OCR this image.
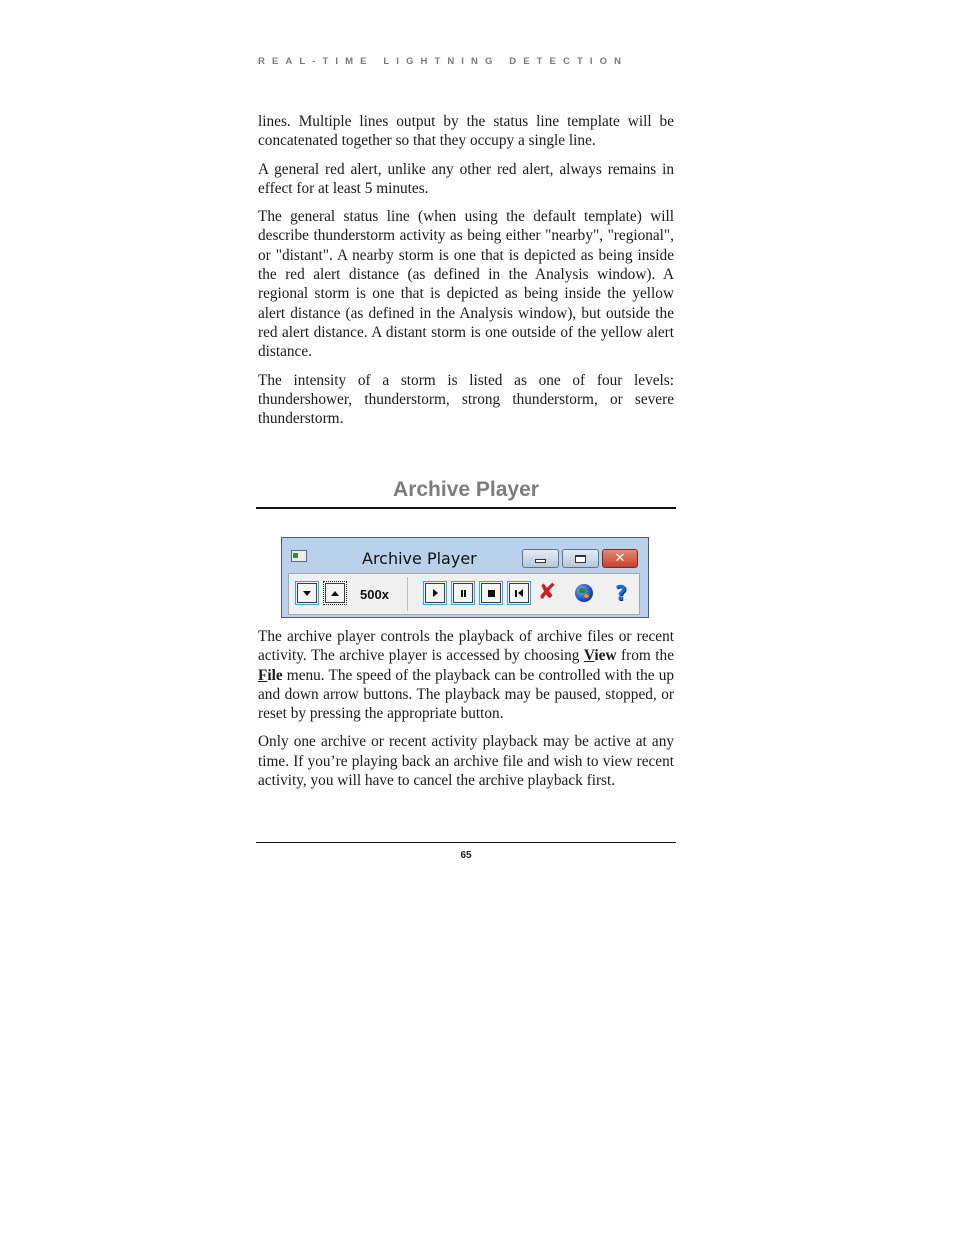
REAL-TIME LIGHTNING DETECTION

lines. Multiple lines output by the status line template will be concatenated together so that they occupy a single line.

A general red alert, unlike any other red alert, always remains in effect for at least 5 minutes.

The general status line (when using the default template) will describe thunderstorm activity as being either "nearby", "regional", or "distant". A nearby storm is one that is depicted as being inside the red alert distance (as defined in the Analysis window). A regional storm is one that is depicted as being inside the yellow alert distance (as defined in the Analysis window), but outside the red alert distance. A distant storm is one outside of the yellow alert distance.

The intensity of a storm is listed as one of four levels: thundershower, thunderstorm, strong thunderstorm, or severe thunderstorm.

Archive Player
Archive Player	✕
500x	✘	?

The archive player controls the playback of archive files or recent activity. The archive player is accessed by choosing View from the File menu. The speed of the playback can be controlled with the up and down arrow buttons. The playback may be paused, stopped, or reset by pressing the appropriate button.

Only one archive or recent activity playback may be active at any time. If you’re playing back an archive file and wish to view recent activity, you will have to cancel the archive playback first.

65
